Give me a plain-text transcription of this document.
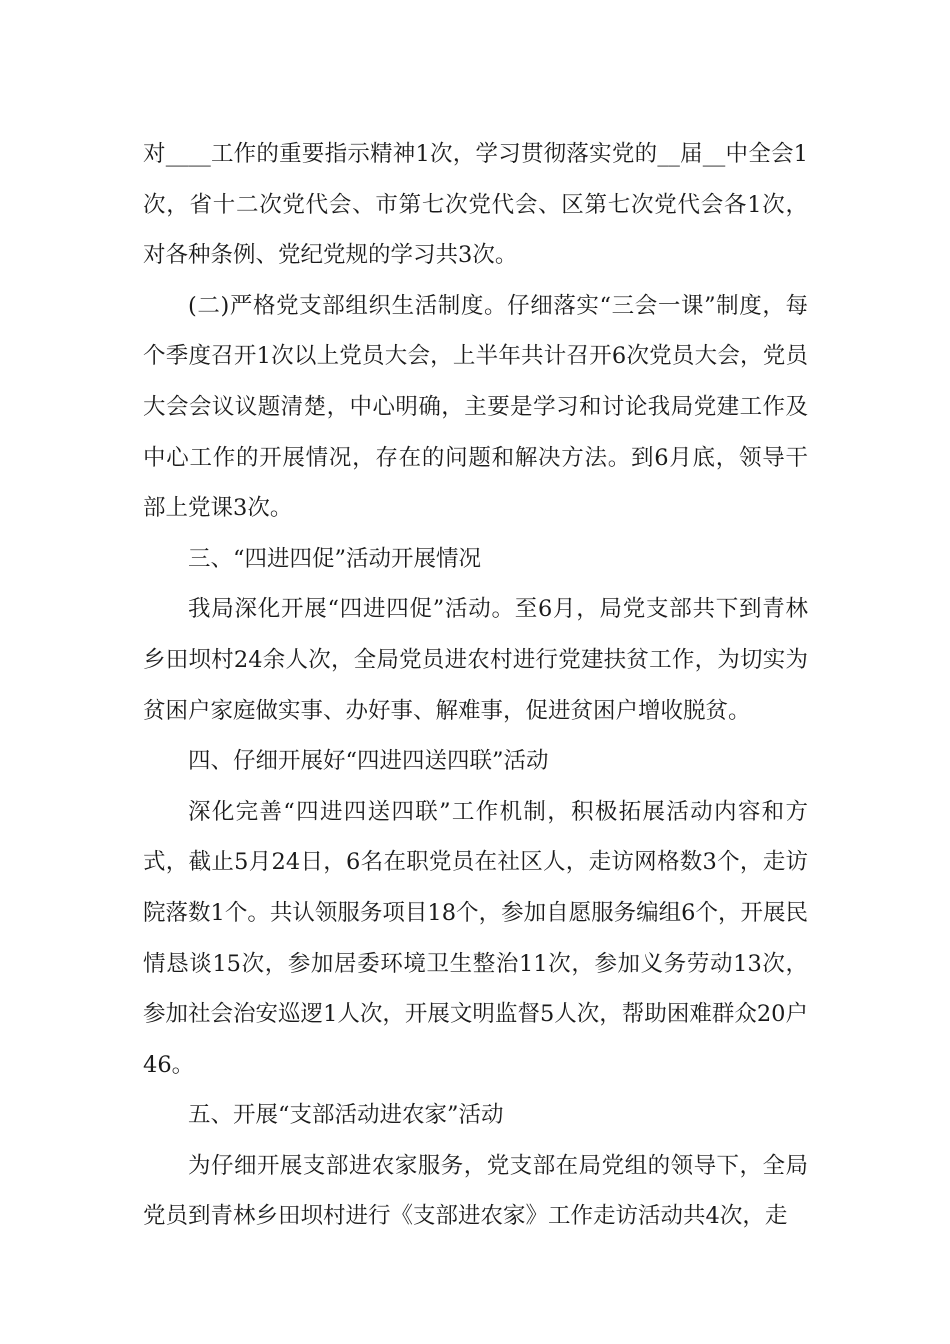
对____工作的重要指示精神1次，学习贯彻落实党的__届__中全会1次，省十二次党代会、市第七次党代会、区第七次党代会各1次，对各种条例、党纪党规的学习共3次。

(二)严格党支部组织生活制度。仔细落实“三会一课”制度，每个季度召开1次以上党员大会，上半年共计召开6次党员大会，党员大会会议议题清楚，中心明确，主要是学习和讨论我局党建工作及中心工作的开展情况，存在的问题和解决方法。到6月底，领导干部上党课3次。

三、“四进四促”活动开展情况

我局深化开展“四进四促”活动。至6月，局党支部共下到青林乡田坝村24余人次，全局党员进农村进行党建扶贫工作，为切实为贫困户家庭做实事、办好事、解难事，促进贫困户增收脱贫。

四、仔细开展好“四进四送四联”活动

深化完善“四进四送四联”工作机制，积极拓展活动内容和方式，截止5月24日，6名在职党员在社区人，走访网格数3个，走访院落数1个。共认领服务项目18个，参加自愿服务编组6个，开展民情恳谈15次，参加居委环境卫生整治11次，参加义务劳动13次，参加社会治安巡逻1人次，开展文明监督5人次，帮助困难群众20户46。

五、开展“支部活动进农家”活动

为仔细开展支部进农家服务，党支部在局党组的领导下，全局党员到青林乡田坝村进行《支部进农家》工作走访活动共4次，走
